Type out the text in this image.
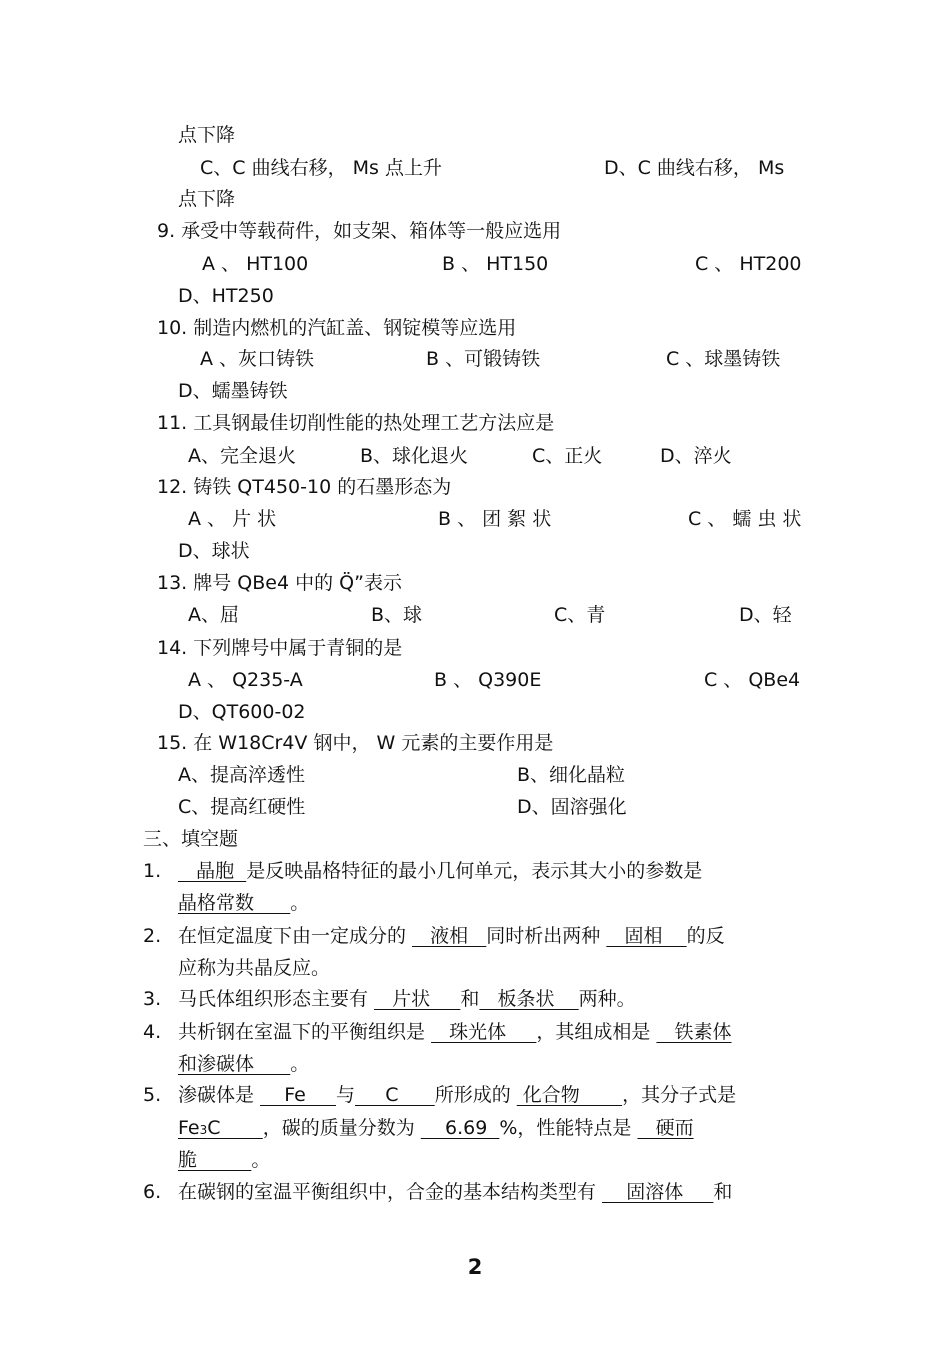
点下降
C、C 曲线右移， Ms 点上升	D、C 曲线右移， Ms
点下降
9. 承受中等载荷件，如支架、箱体等一般应选用
A 、 HT100	B 、 HT150	C 、 HT200
D、HT250
10. 制造内燃机的汽缸盖、钢锭模等应选用
A 、灰口铸铁	B 、可锻铸铁	C 、球墨铸铁
D、蠕墨铸铁
11. 工具钢最佳切削性能的热处理工艺方法应是
A、完全退火	B、球化退火	C、正火	D、淬火
12. 铸铁 QT450-10 的石墨形态为
A 、 片 状	B 、 团 絮 状	C 、 蠕 虫 状
D、球状
13. 牌号 QBe4 中的 Q̈”表示
A、屈	B、球	C、青	D、轻
14. 下列牌号中属于青铜的是
A 、 Q235-A	B 、 Q390E	C 、 QBe4
D、QT600-02
15. 在 W18Cr4V 钢中， W 元素的主要作用是
A、提高淬透性	B、细化晶粒
C、提高红硬性	D、固溶强化
三、填空题
1. 晶胞  是反映晶格特征的最小几何单元，表示其大小的参数是
晶格常数      。
2. 在恒定温度下由一定成分的    液相   同时析出两种    固相    的反
应称为共晶反应。
3. 马氏体组织形态主要有    片状     和   板条状    两种。
4. 共析钢在室温下的平衡组织是    珠光体     ，其组成相是    铁素体
和渗碳体      。
5. 渗碳体是     Fe     与     C      所形成的  化合物       ，其分子式是
Fe3C       ，碳的质量分数为     6.69  %，性能特点是    硬而
脆         。
6. 在碳钢的室温平衡组织中，合金的基本结构类型有     固溶体     和
2
